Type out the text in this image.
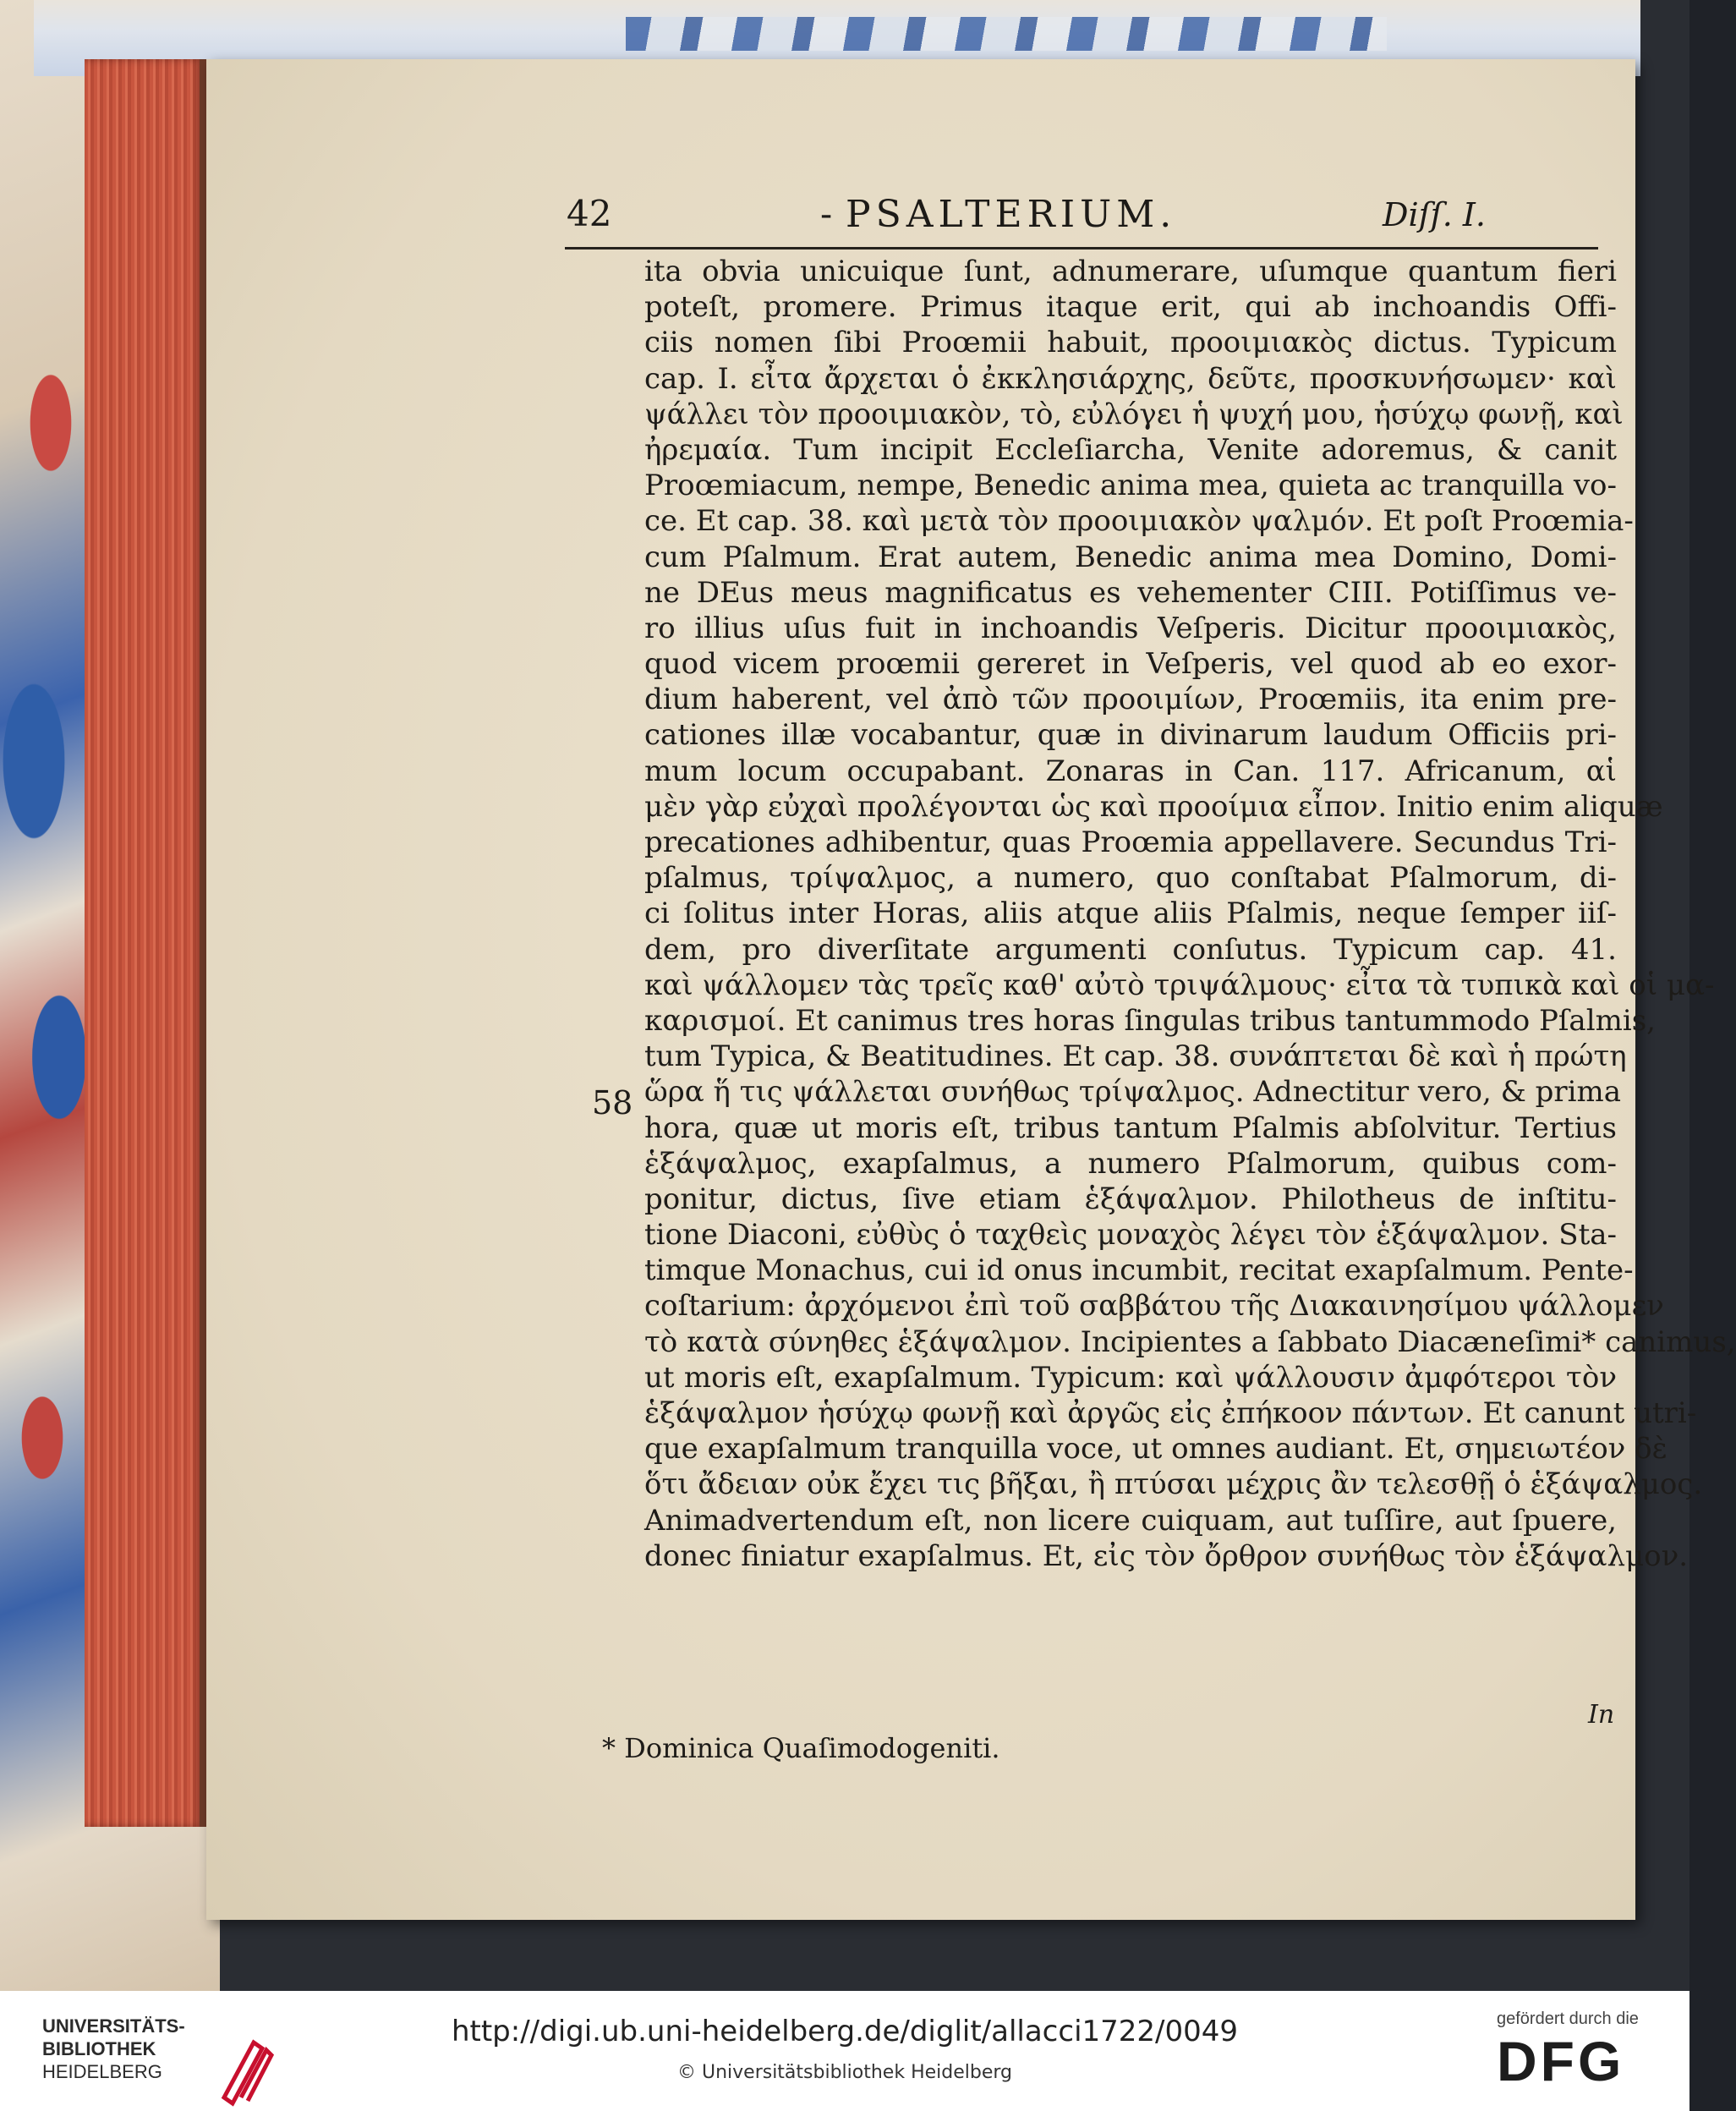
42	- PSALTERIUM.	Diſſ. I.
ita obvia unicuique ſunt, adnumerare, uſumque quantum fieri
poteſt, promere. Primus itaque erit, qui ab inchoandis Offi-
ciis nomen ſibi Proœmii habuit, προοιμιακὸς dictus. Typicum
cap. I. εἶτα ἄρχεται ὁ ἐκκλησιάρχης, δεῦτε, προσκυνήσωμεν· καὶ
ψάλλει τὸν προοιμιακὸν, τὸ, εὐλόγει ἡ ψυχή μου, ἡσύχῳ φωνῇ, καὶ
ἠρεμαία. Tum incipit Eccleſiarcha, Venite adoremus, & canit
Proœmiacum, nempe, Benedic anima mea, quieta ac tranquilla vo-
ce. Et cap. 38. καὶ μετὰ τὸν προοιμιακὸν ψαλμόν. Et poſt Proœmia-
cum Pſalmum. Erat autem, Benedic anima mea Domino, Domi-
ne DEus meus magnificatus es vehementer CIII. Potiſſimus ve-
ro illius uſus fuit in inchoandis Veſperis. Dicitur προοιμιακὸς,
quod vicem proœmii gereret in Veſperis, vel quod ab eo exor-
dium haberent, vel ἀπὸ τῶν προοιμίων, Proœmiis, ita enim pre-
cationes illæ vocabantur, quæ in divinarum laudum Officiis pri-
mum locum occupabant. Zonaras in Can. 117. Africanum, αἱ
μὲν γὰρ εὐχαὶ προλέγονται ὡς καὶ προοίμια εἶπον. Initio enim aliquæ
precationes adhibentur, quas Proœmia appellavere. Secundus Tri-
pſalmus, τρίψαλμος, a numero, quo conſtabat Pſalmorum, di-
ci ſolitus inter Horas, aliis atque aliis Pſalmis, neque ſemper iiſ-
dem, pro diverſitate argumenti conſutus. Typicum cap. 41.
καὶ ψάλλομεν τὰς τρεῖς καθ' αὐτὸ τριψάλμους· εἶτα τὰ τυπικὰ καὶ οἱ μα-
καρισμοί. Et canimus tres horas ſingulas tribus tantummodo Pſalmis,
tum Typica, & Beatitudines. Et cap. 38. συνάπτεται δὲ καὶ ἡ πρώτη
ὥρα ἥ τις ψάλλεται συνήθως τρίψαλμος. Adnectitur vero, & prima
hora, quæ ut moris eſt, tribus tantum Pſalmis abſolvitur. Tertius
ἑξάψαλμος, exapſalmus, a numero Pſalmorum, quibus com-
ponitur, dictus, ſive etiam ἑξάψαλμον. Philotheus de inſtitu-
tione Diaconi, εὐθὺς ὁ ταχθεὶς μοναχὸς λέγει τὸν ἑξάψαλμον. Sta-
timque Monachus, cui id onus incumbit, recitat exapſalmum. Pente-
coſtarium: ἀρχόμενοι ἐπὶ τοῦ σαββάτου τῆς Διακαινησίμου ψάλλομεν
τὸ κατὰ σύνηθες ἑξάψαλμον. Incipientes a ſabbato Diacæneſimi* canimus,
ut moris eſt, exapſalmum. Typicum: καὶ ψάλλουσιν ἀμφότεροι τὸν
ἑξάψαλμον ἡσύχῳ φωνῇ καὶ ἀργῶς εἰς ἐπήκοον πάντων. Et canunt utri-
que exapſalmum tranquilla voce, ut omnes audiant. Et, σημειωτέον δὲ
ὅτι ἄδειαν οὐκ ἔχει τις βῆξαι, ἢ πτύσαι μέχρις ἂν τελεσθῇ ὁ ἑξάψαλμος.
Animadvertendum eſt, non licere cuiquam, aut tuſſire, aut ſpuere,
donec finiatur exapſalmus. Et, εἰς τὸν ὄρθρον συνήθως τὸν ἑξάψαλμον.
58
In
* Dominica Quaſimodogeniti.
UNIVERSITÄTS-
BIBLIOTHEK
HEIDELBERG
http://digi.ub.uni-heidelberg.de/diglit/allacci1722/0049
© Universitätsbibliothek Heidelberg
gefördert durch die
DFG
